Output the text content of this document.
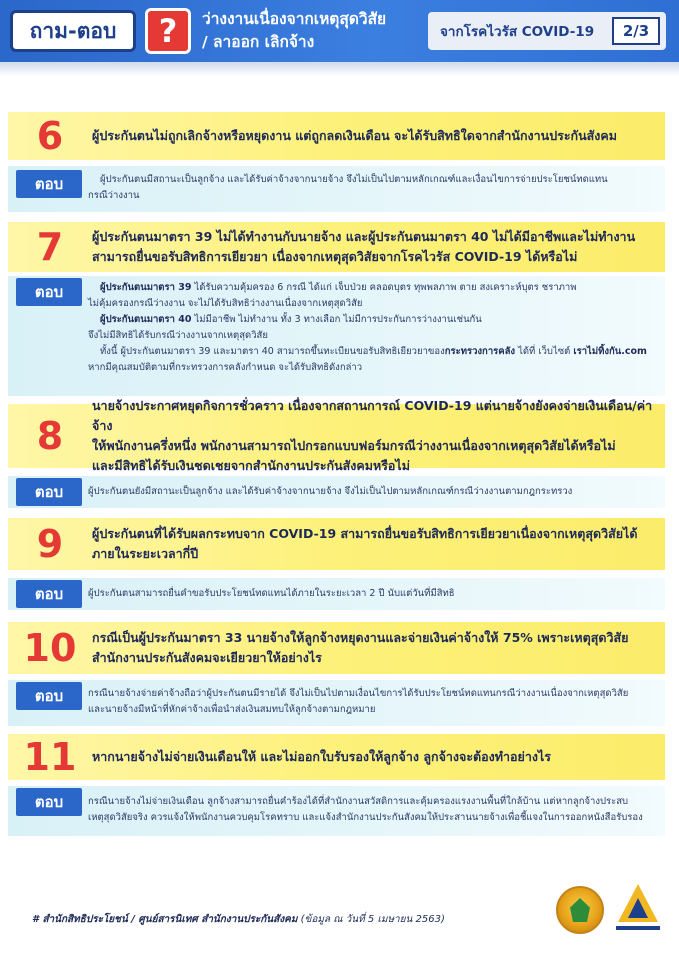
ถาม-ตอบ	?	ว่างงานเนื่องจากเหตุสุดวิสัย
/ ลาออก เลิกจ้าง
จากโรคไวรัส COVID-19	2/3
6	ผู้ประกันตนไม่ถูกเลิกจ้างหรือหยุดงาน แต่ถูกลดเงินเดือน จะได้รับสิทธิใดจากสำนักงานประกันสังคม
ตอบ	ผู้ประกันตนมีสถานะเป็นลูกจ้าง และได้รับค่าจ้างจากนายจ้าง จึงไม่เป็นไปตามหลักเกณฑ์และเงื่อนไขการจ่ายประโยชน์ทดแทน

กรณีว่างงาน

7	ผู้ประกันตนมาตรา 39 ไม่ได้ทำงานกับนายจ้าง และผู้ประกันตนมาตรา 40 ไม่ได้มีอาชีพและไม่ทำงาน
สามารถยื่นขอรับสิทธิการเยียวยา เนื่องจากเหตุสุดวิสัยจากโรคไวรัส COVID-19 ได้หรือไม่
ตอบ	ผู้ประกันตนมาตรา 39 ได้รับความคุ้มครอง 6 กรณี ได้แก่ เจ็บป่วย คลอดบุตร ทุพพลภาพ ตาย สงเคราะห์บุตร ชราภาพ

ไม่คุ้มครองกรณีว่างงาน จะไม่ได้รับสิทธิว่างงานเนื่องจากเหตุสุดวิสัย

ผู้ประกันตนมาตรา 40 ไม่มีอาชีพ ไม่ทำงาน ทั้ง 3 ทางเลือก ไม่มีการประกันการว่างงานเช่นกัน

จึงไม่มีสิทธิได้รับกรณีว่างงานจากเหตุสุดวิสัย

ทั้งนี้ ผู้ประกันตนมาตรา 39 และมาตรา 40 สามารถขึ้นทะเบียนขอรับสิทธิเยียวยาของกระทรวงการคลัง ได้ที่ เว็บไซต์ เราไม่ทิ้งกัน.com

หากมีคุณสมบัติตามที่กระทรวงการคลังกำหนด จะได้รับสิทธิดังกล่าว

8
นายจ้างประกาศหยุดกิจการชั่วคราว เนื่องจากสถานการณ์ COVID-19 แต่นายจ้างยังคงจ่ายเงินเดือน/ค่าจ้าง
ให้พนักงานครึ่งหนึ่ง พนักงานสามารถไปกรอกแบบฟอร์มกรณีว่างงานเนื่องจากเหตุสุดวิสัยได้หรือไม่
และมีสิทธิได้รับเงินชดเชยจากสำนักงานประกันสังคมหรือไม่
ตอบ	ผู้ประกันตนยังมีสถานะเป็นลูกจ้าง และได้รับค่าจ้างจากนายจ้าง จึงไม่เป็นไปตามหลักเกณฑ์กรณีว่างงานตามกฎกระทรวง

9	ผู้ประกันตนที่ได้รับผลกระทบจาก COVID-19 สามารถยื่นขอรับสิทธิการเยียวยาเนื่องจากเหตุสุดวิสัยได้
ภายในระยะเวลากี่ปี
ตอบ	ผู้ประกันตนสามารถยื่นคำขอรับประโยชน์ทดแทนได้ภายในระยะเวลา 2 ปี นับแต่วันที่มีสิทธิ

10	กรณีเป็นผู้ประกันมาตรา 33 นายจ้างให้ลูกจ้างหยุดงานและจ่ายเงินค่าจ้างให้ 75% เพราะเหตุสุดวิสัย
สำนักงานประกันสังคมจะเยียวยาให้อย่างไร
ตอบ	กรณีนายจ้างจ่ายค่าจ้างถือว่าผู้ประกันตนมีรายได้ จึงไม่เป็นไปตามเงื่อนไขการได้รับประโยชน์ทดแทนกรณีว่างงานเนื่องจากเหตุสุดวิสัย

และนายจ้างมีหน้าที่หักค่าจ้างเพื่อนำส่งเงินสมทบให้ลูกจ้างตามกฎหมาย

11	หากนายจ้างไม่จ่ายเงินเดือนให้ และไม่ออกใบรับรองให้ลูกจ้าง ลูกจ้างจะต้องทำอย่างไร
ตอบ	กรณีนายจ้างไม่จ่ายเงินเดือน ลูกจ้างสามารถยื่นคำร้องได้ที่สำนักงานสวัสดิการและคุ้มครองแรงงานพื้นที่ใกล้บ้าน แต่หากลูกจ้างประสบ

เหตุสุดวิสัยจริง ควรแจ้งให้พนักงานควบคุมโรคทราบ และแจ้งสำนักงานประกันสังคมให้ประสานนายจ้างเพื่อชี้แจงในการออกหนังสือรับรอง

# สำนักสิทธิประโยชน์ / ศูนย์สารนิเทศ สำนักงานประกันสังคม (ข้อมูล ณ วันที่ 5 เมษายน 2563)
